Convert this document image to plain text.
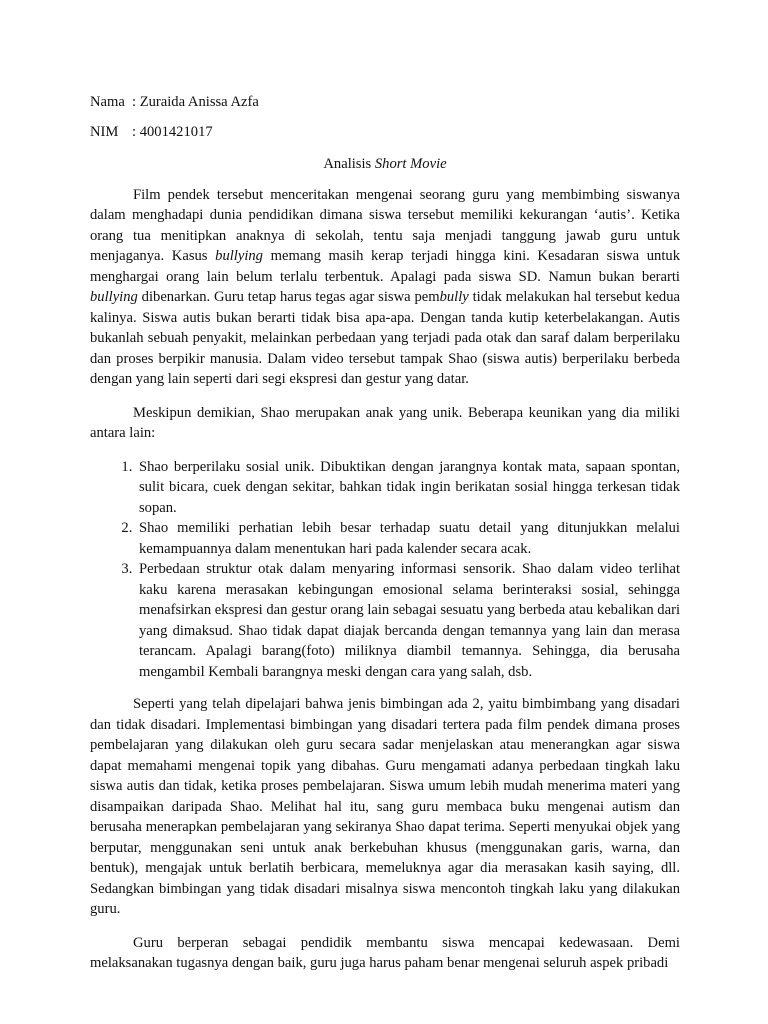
Nama : Zuraida Anissa Azfa
NIM : 4001421017
Analisis Short Movie

Film pendek tersebut menceritakan mengenai seorang guru yang membimbing siswanya dalam menghadapi dunia pendidikan dimana siswa tersebut memiliki kekurangan ‘autis’. Ketika orang tua menitipkan anaknya di sekolah, tentu saja menjadi tanggung jawab guru untuk menjaganya. Kasus bullying memang masih kerap terjadi hingga kini. Kesadaran siswa untuk menghargai orang lain belum terlalu terbentuk. Apalagi pada siswa SD. Namun bukan berarti bullying dibenarkan. Guru tetap harus tegas agar siswa pembully tidak melakukan hal tersebut kedua kalinya. Siswa autis bukan berarti tidak bisa apa-apa. Dengan tanda kutip keterbelakangan. Autis bukanlah sebuah penyakit, melainkan perbedaan yang terjadi pada otak dan saraf dalam berperilaku dan proses berpikir manusia. Dalam video tersebut tampak Shao (siswa autis) berperilaku berbeda dengan yang lain seperti dari segi ekspresi dan gestur yang datar.

Meskipun demikian, Shao merupakan anak yang unik. Beberapa keunikan yang dia miliki antara lain:

1. Shao berperilaku sosial unik. Dibuktikan dengan jarangnya kontak mata, sapaan spontan, sulit bicara, cuek dengan sekitar, bahkan tidak ingin berikatan sosial hingga terkesan tidak sopan.
2. Shao memiliki perhatian lebih besar terhadap suatu detail yang ditunjukkan melalui kemampuannya dalam menentukan hari pada kalender secara acak.
3. Perbedaan struktur otak dalam menyaring informasi sensorik. Shao dalam video terlihat kaku karena merasakan kebingungan emosional selama berinteraksi sosial, sehingga menafsirkan ekspresi dan gestur orang lain sebagai sesuatu yang berbeda atau kebalikan dari yang dimaksud. Shao tidak dapat diajak bercanda dengan temannya yang lain dan merasa terancam. Apalagi barang(foto) miliknya diambil temannya. Sehingga, dia berusaha mengambil Kembali barangnya meski dengan cara yang salah, dsb.

Seperti yang telah dipelajari bahwa jenis bimbingan ada 2, yaitu bimbimbang yang disadari dan tidak disadari. Implementasi bimbingan yang disadari tertera pada film pendek dimana proses pembelajaran yang dilakukan oleh guru secara sadar menjelaskan atau menerangkan agar siswa dapat memahami mengenai topik yang dibahas. Guru mengamati adanya perbedaan tingkah laku siswa autis dan tidak, ketika proses pembelajaran. Siswa umum lebih mudah menerima materi yang disampaikan daripada Shao. Melihat hal itu, sang guru membaca buku mengenai autism dan berusaha menerapkan pembelajaran yang sekiranya Shao dapat terima. Seperti menyukai objek yang berputar, menggunakan seni untuk anak berkebuhan khusus (menggunakan garis, warna, dan bentuk), mengajak untuk berlatih berbicara, memeluknya agar dia merasakan kasih saying, dll. Sedangkan bimbingan yang tidak disadari misalnya siswa mencontoh tingkah laku yang dilakukan guru.

Guru berperan sebagai pendidik membantu siswa mencapai kedewasaan. Demi melaksanakan tugasnya dengan baik, guru juga harus paham benar mengenai seluruh aspek pribadi
